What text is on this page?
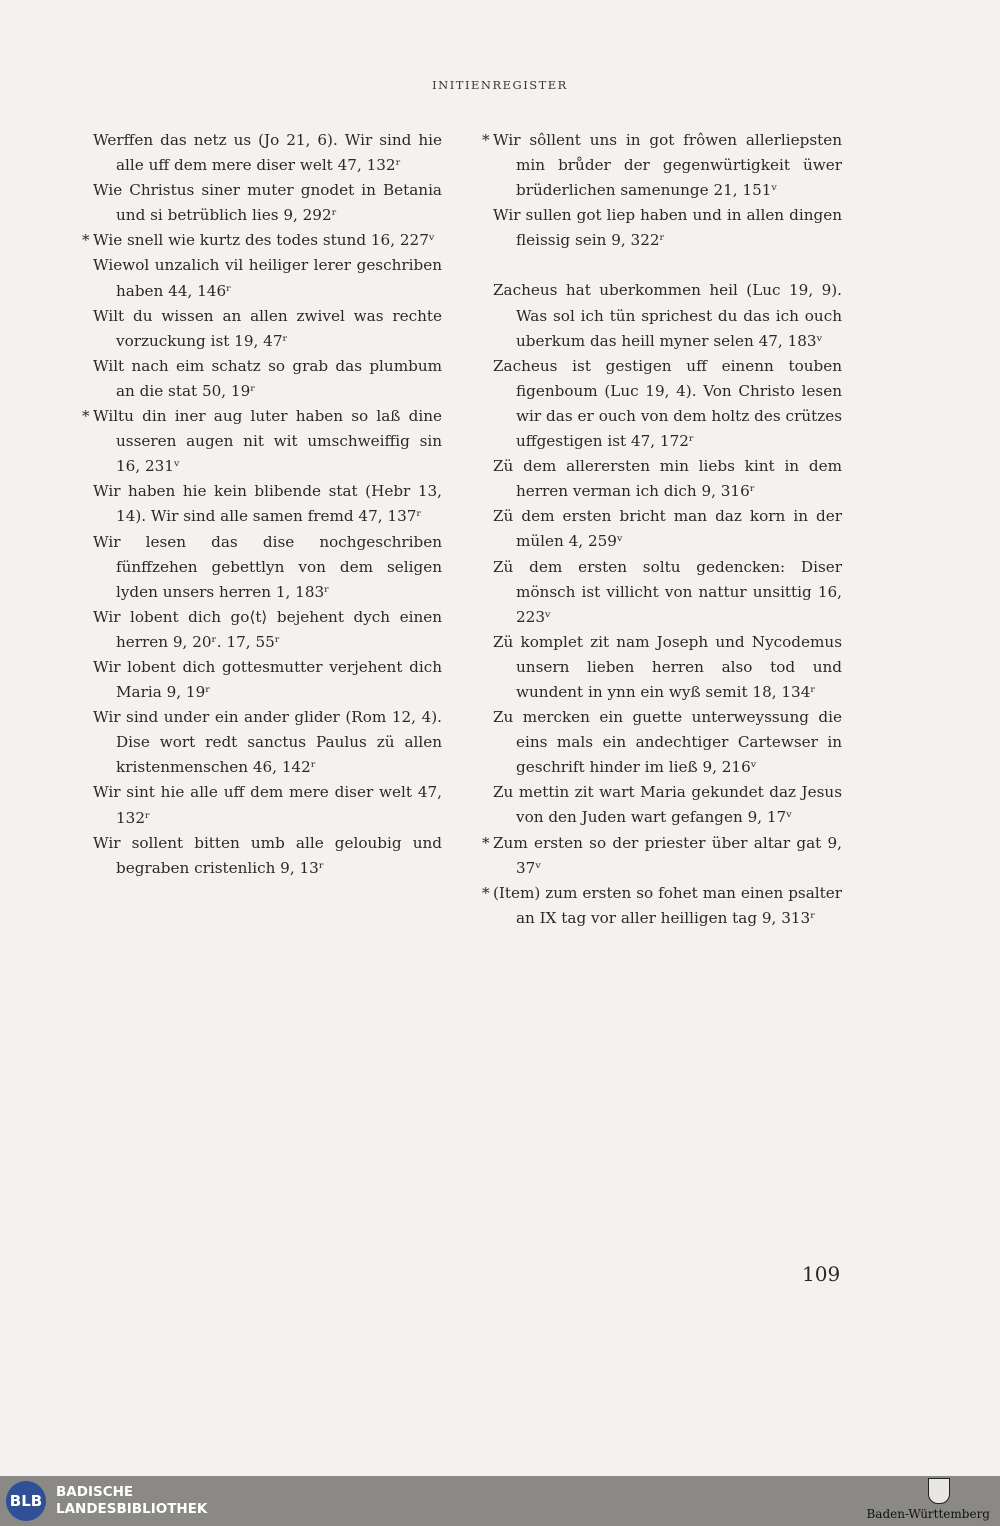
INITIENREGISTER
Werffen das netz us (Jo 21, 6). Wir sind hie alle uff dem mere diser welt 47, 132ʳ
Wie Christus siner muter gnodet in Betania und si betrüblich lies 9, 292ʳ
* Wie snell wie kurtz des todes stund 16, 227ᵛ
Wiewol unzalich vil heiliger lerer geschriben haben 44, 146ʳ
Wilt du wissen an allen zwivel was rechte vorzuckung ist 19, 47ʳ
Wilt nach eim schatz so grab das plumbum an die stat 50, 19ʳ
* Wiltu din iner aug luter haben so laß dine usseren augen nit wit umschweiffig sin 16, 231ᵛ
Wir haben hie kein blibende stat (Hebr 13, 14). Wir sind alle samen fremd 47, 137ʳ
Wir lesen das dise nochgeschriben fünffzehen gebettlyn von dem seligen lyden unsers herren 1, 183ʳ
Wir lobent dich go⟨t⟩ bejehent dych einen herren 9, 20ʳ. 17, 55ʳ
Wir lobent dich gottesmutter verjehent dich Maria 9, 19ʳ
Wir sind under ein ander glider (Rom 12, 4). Dise wort redt sanctus Paulus zü allen kristenmenschen 46, 142ʳ
Wir sint hie alle uff dem mere diser welt 47, 132ʳ
Wir sollent bitten umb alle geloubig und begraben cristenlich 9, 13ʳ
* Wir sôllent uns in got frôwen allerliepsten min brůder der gegenwürtigkeit üwer brüderlichen samenunge 21, 151ᵛ
Wir sullen got liep haben und in allen dingen fleissig sein 9, 322ʳ
Zacheus hat uberkommen heil (Luc 19, 9). Was sol ich tün sprichest du das ich ouch uberkum das heill myner selen 47, 183ᵛ
Zacheus ist gestigen uff einenn touben figenboum (Luc 19, 4). Von Christo lesen wir das er ouch von dem holtz des crützes uffgestigen ist 47, 172ʳ
Zü dem allerersten min liebs kint in dem herren verman ich dich 9, 316ʳ
Zü dem ersten bricht man daz korn in der mülen 4, 259ᵛ
Zü dem ersten soltu gedencken: Diser mönsch ist villicht von nattur unsittig 16, 223ᵛ
Zü komplet zit nam Joseph und Nycodemus unsern lieben herren also tod und wundent in ynn ein wyß semit 18, 134ʳ
Zu mercken ein guette unterweyssung die eins mals ein andechtiger Cartewser in geschrift hinder im ließ 9, 216ᵛ
Zu mettin zit wart Maria gekundet daz Jesus von den Juden wart gefangen 9, 17ᵛ
* Zum ersten so der priester über altar gat 9, 37ᵛ
* (Item) zum ersten so fohet man einen psalter an IX tag vor aller heilligen tag 9, 313ʳ
109
BLB BADISCHE
LANDESBIBLIOTHEK	Baden-Württemberg
